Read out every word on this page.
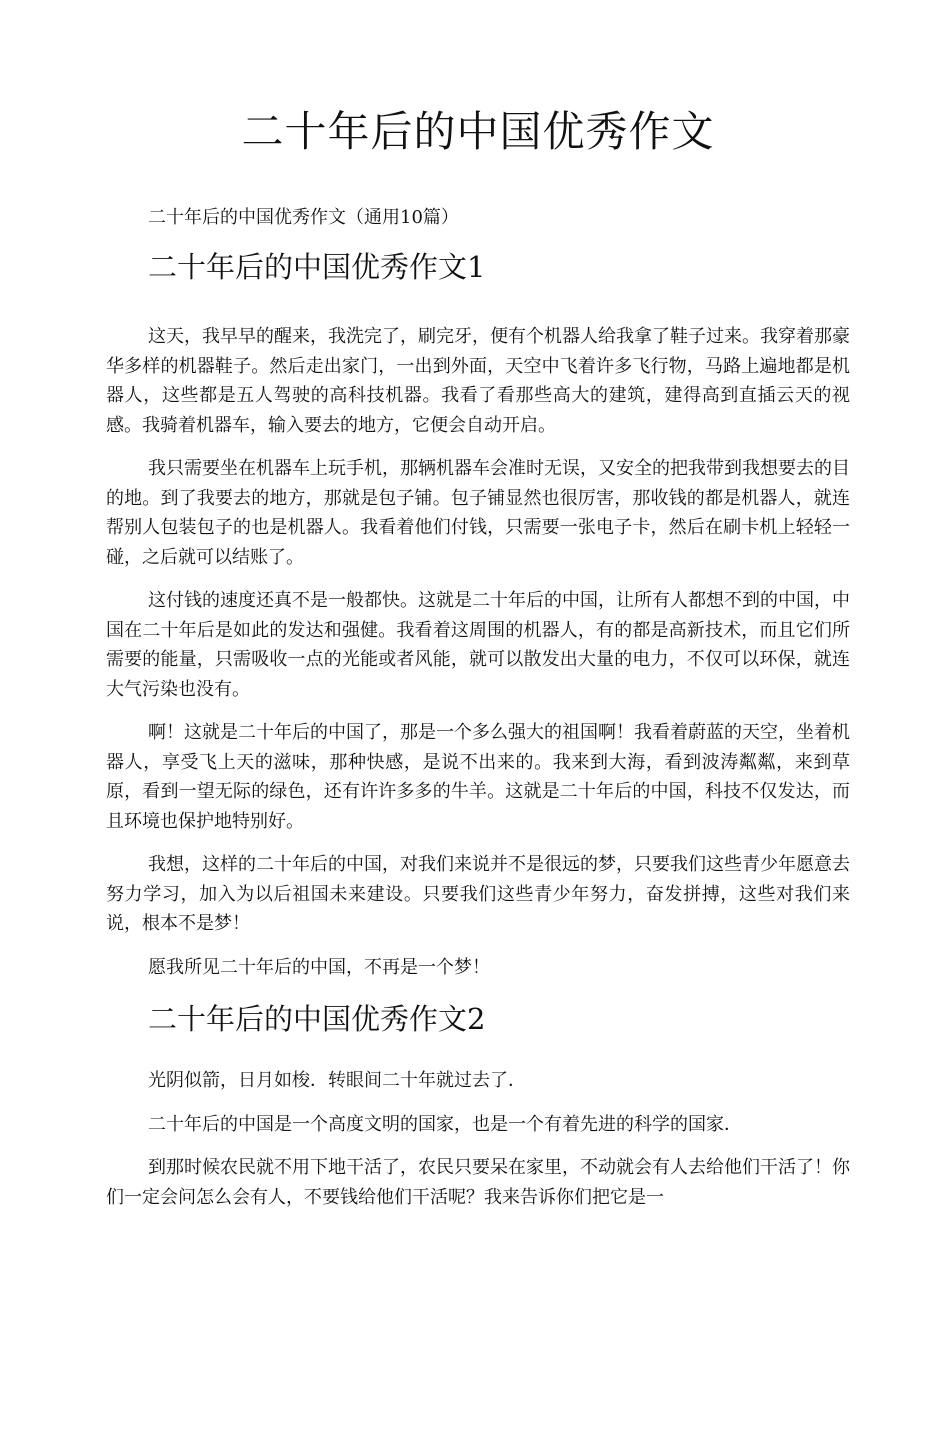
二十年后的中国优秀作文

二十年后的中国优秀作文（通用10篇）

二十年后的中国优秀作文1

这天，我早早的醒来，我洗完了，刷完牙，便有个机器人给我拿了鞋子过来。我穿着那豪华多样的机器鞋子。然后走出家门，一出到外面，天空中飞着许多飞行物，马路上遍地都是机器人，这些都是五人驾驶的高科技机器。我看了看那些高大的建筑，建得高到直插云天的视感。我骑着机器车，输入要去的地方，它便会自动开启。

我只需要坐在机器车上玩手机，那辆机器车会准时无误，又安全的把我带到我想要去的目的地。到了我要去的地方，那就是包子铺。包子铺显然也很厉害，那收钱的都是机器人，就连帮别人包装包子的也是机器人。我看着他们付钱，只需要一张电子卡，然后在刷卡机上轻轻一碰，之后就可以结账了。

这付钱的速度还真不是一般都快。这就是二十年后的中国，让所有人都想不到的中国，中国在二十年后是如此的发达和强健。我看着这周围的机器人，有的都是高新技术，而且它们所需要的能量，只需吸收一点的光能或者风能，就可以散发出大量的电力，不仅可以环保，就连大气污染也没有。

啊！这就是二十年后的中国了，那是一个多么强大的祖国啊！我看着蔚蓝的天空，坐着机器人，享受飞上天的滋味，那种快感，是说不出来的。我来到大海，看到波涛粼粼，来到草原，看到一望无际的绿色，还有许许多多的牛羊。这就是二十年后的中国，科技不仅发达，而且环境也保护地特别好。

我想，这样的二十年后的中国，对我们来说并不是很远的梦，只要我们这些青少年愿意去努力学习，加入为以后祖国未来建设。只要我们这些青少年努力，奋发拼搏，这些对我们来说，根本不是梦！

愿我所见二十年后的中国，不再是一个梦！

二十年后的中国优秀作文2

光阴似箭，日月如梭．转眼间二十年就过去了．

二十年后的中国是一个高度文明的国家，也是一个有着先进的科学的国家．

到那时候农民就不用下地干活了，农民只要呆在家里，不动就会有人去给他们干活了！你们一定会问怎么会有人，不要钱给他们干活呢？我来告诉你们把它是一
